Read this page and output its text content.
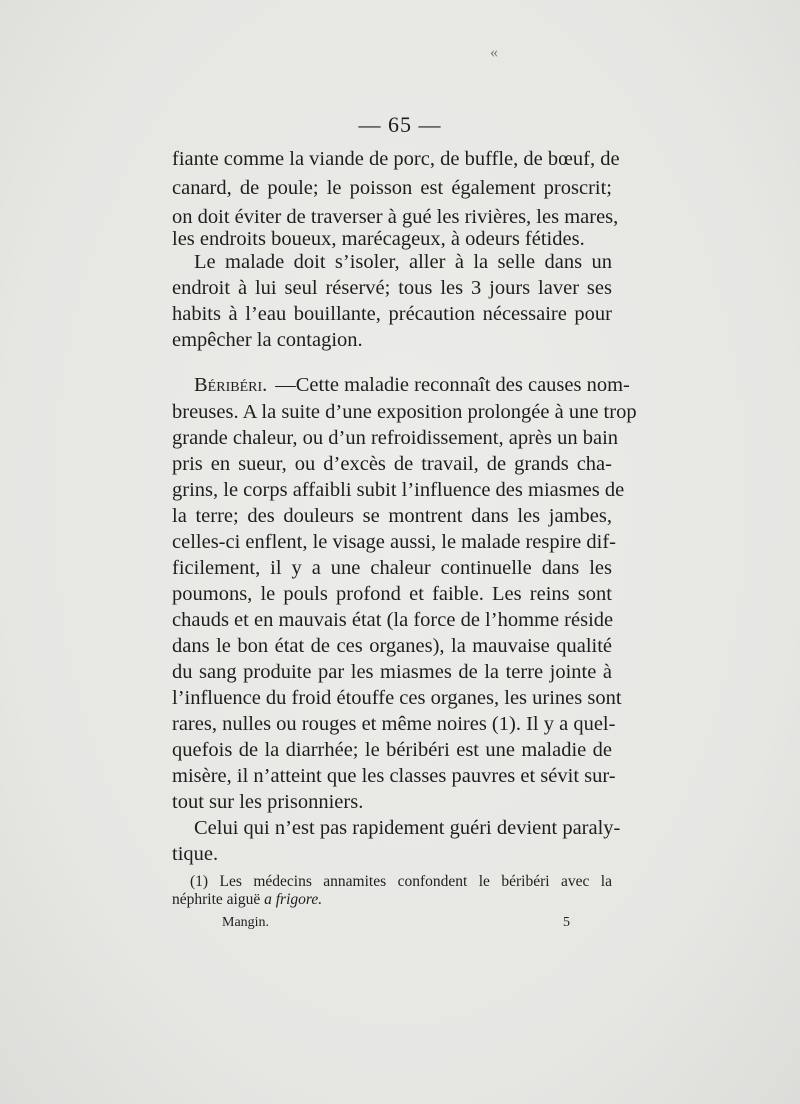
«
— 65 —
fiante comme la viande de porc, de buffle, de bœuf, de
canard, de poule; le poisson est également proscrit;
on doit éviter de traverser à gué les rivières, les mares,
les endroits boueux, marécageux, à odeurs fétides.
Le malade doit s’isoler, aller à la selle dans un
endroit à lui seul réservé; tous les 3 jours laver ses
habits à l’eau bouillante, précaution nécessaire pour
empêcher la contagion.
Béribéri. —Cette maladie reconnaît des causes nom-
breuses. A la suite d’une exposition prolongée à une trop
grande chaleur, ou d’un refroidissement, après un bain
pris en sueur, ou d’excès de travail, de grands cha-
grins, le corps affaibli subit l’influence des miasmes de
la terre; des douleurs se montrent dans les jambes,
celles-ci enflent, le visage aussi, le malade respire dif-
ficilement, il y a une chaleur continuelle dans les
poumons, le pouls profond et faible. Les reins sont
chauds et en mauvais état (la force de l’homme réside
dans le bon état de ces organes), la mauvaise qualité
du sang produite par les miasmes de la terre jointe à
l’influence du froid étouffe ces organes, les urines sont
rares, nulles ou rouges et même noires (1). Il y a quel-
quefois de la diarrhée; le béribéri est une maladie de
misère, il n’atteint que les classes pauvres et sévit sur-
tout sur les prisonniers.
Celui qui n’est pas rapidement guéri devient paraly-
tique.
(1) Les médecins annamites confondent le béribéri avec la
néphrite aiguë a frigore.
Mangin.	5
